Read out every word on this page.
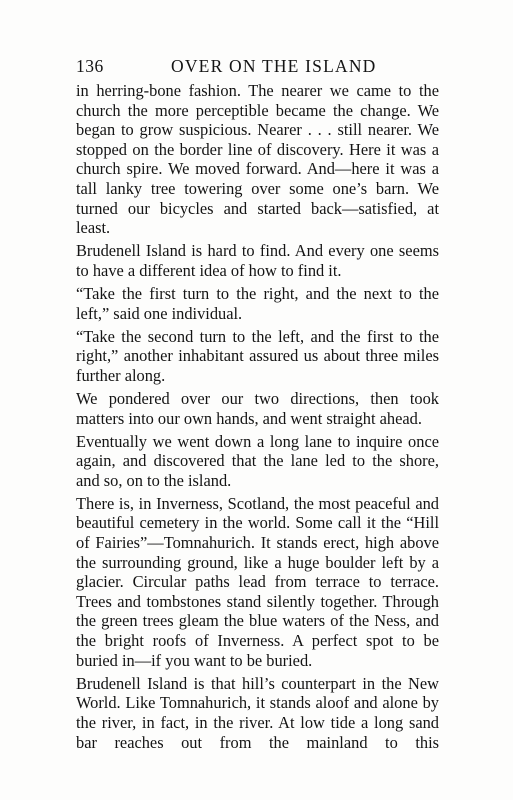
136	OVER ON THE ISLAND

in herring-bone fashion. The nearer we came to the church the more perceptible became the change. We began to grow suspicious. Nearer . . . still nearer. We stopped on the border line of discovery. Here it was a church spire. We moved forward. And—here it was a tall lanky tree towering over some one’s barn. We turned our bicycles and started back—satisfied, at least.

Brudenell Island is hard to find. And every one seems to have a different idea of how to find it.

“Take the first turn to the right, and the next to the left,” said one individual.

“Take the second turn to the left, and the first to the right,” another inhabitant assured us about three miles further along.

We pondered over our two directions, then took matters into our own hands, and went straight ahead.

Eventually we went down a long lane to inquire once again, and discovered that the lane led to the shore, and so, on to the island.

There is, in Inverness, Scotland, the most peaceful and beautiful cemetery in the world. Some call it the “Hill of Fairies”—Tomnahurich. It stands erect, high above the surrounding ground, like a huge boulder left by a glacier. Circular paths lead from terrace to terrace. Trees and tombstones stand silently together. Through the green trees gleam the blue waters of the Ness, and the bright roofs of Inverness. A perfect spot to be buried in—if you want to be buried.

Brudenell Island is that hill’s counterpart in the New World. Like Tomnahurich, it stands aloof and alone by the river, in fact, in the river. At low tide a long sand bar reaches out from the mainland to this
